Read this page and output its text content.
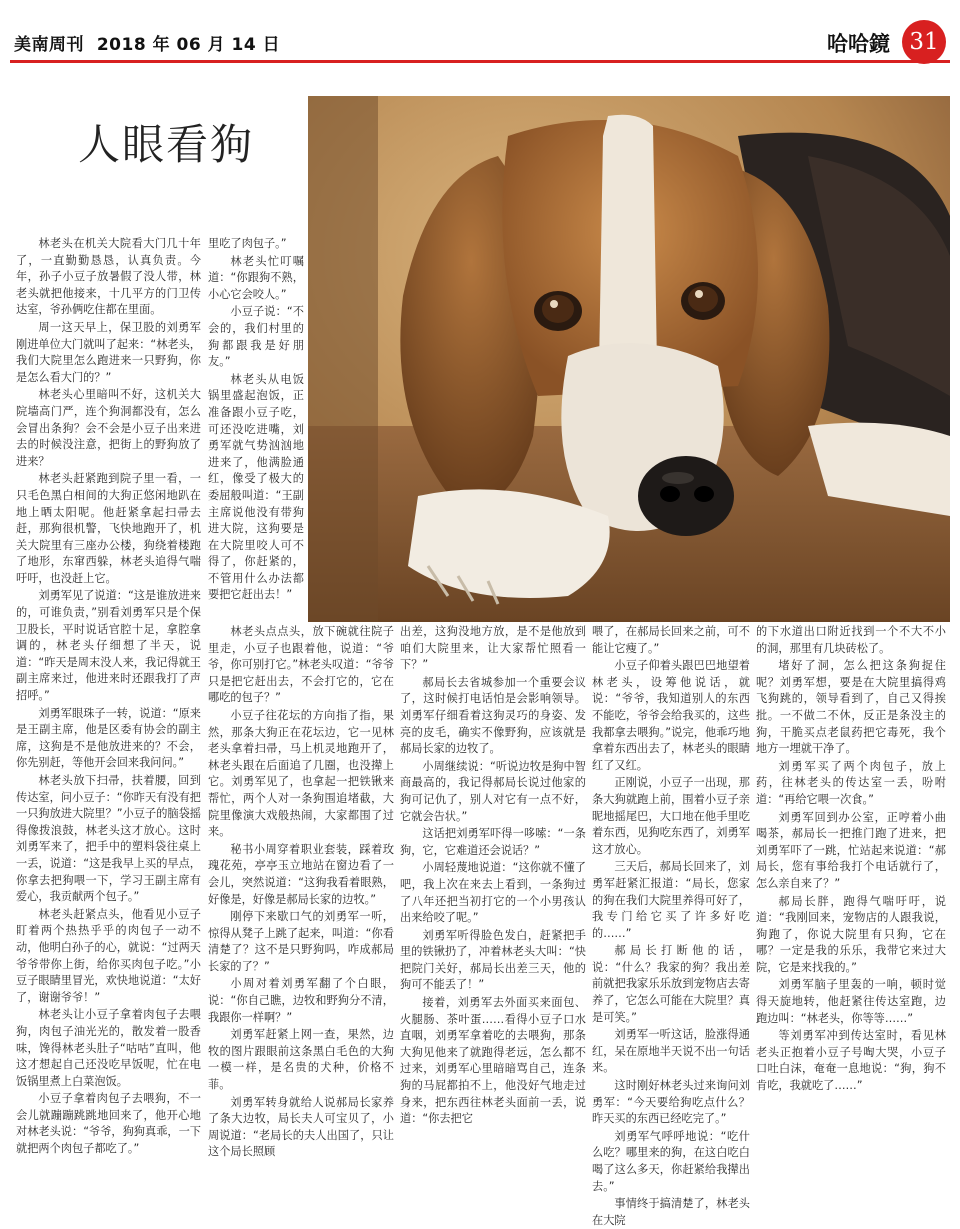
美南周刊 2018 年 06 月 14 日	哈哈鏡 31
人眼看狗

林老头在机关大院看大门几十年了，一直勤勤恳恳，认真负责。今年，孙子小豆子放暑假了没人带，林老头就把他接来，十几平方的门卫传达室，爷孙俩吃住都在里面。

周一这天早上，保卫股的刘勇军刚进单位大门就叫了起来：“林老头，我们大院里怎么跑进来一只野狗，你是怎么看大门的？”

林老头心里暗叫不好，这机关大院墙高门严，连个狗洞都没有，怎么会冒出条狗？会不会是小豆子出来进去的时候没注意，把街上的野狗放了进来？

林老头赶紧跑到院子里一看，一只毛色黑白相间的大狗正悠闲地趴在地上晒太阳呢。他赶紧拿起扫帚去赶，那狗很机警，飞快地跑开了，机关大院里有三座办公楼，狗绕着楼跑了地形，东窜西躲，林老头追得气喘吁吁，也没赶上它。

刘勇军见了说道：“这是谁放进来的，可谁负责，”别看刘勇军只是个保卫股长，平时说话官腔十足，拿腔拿调的，林老头仔细想了半天，说道：“昨天是周末没人来，我记得就王副主席来过，他进来时还跟我打了声招呼。”

刘勇军眼珠子一转，说道：“原来是王副主席，他是区委有协会的副主席，这狗是不是他放进来的？不会，你先别赶，等他开会回来我问问。”

林老头放下扫帚，扶着腰，回到传达室，问小豆子：“你昨天有没有把一只狗放进大院里？”小豆子的脑袋摇得像拨浪鼓，林老头这才放心。这时刘勇军来了，把手中的塑料袋往桌上一丢，说道：“这是我早上买的早点，你拿去把狗喂一下，学习王副主席有爱心，我贡献两个包子。”

林老头赶紧点头，他看见小豆子盯着两个热热乎乎的肉包子一动不动，他明白孙子的心，就说：“过两天爷爷带你上街，给你买肉包子吃。”小豆子眼睛里冒光，欢快地说道：“太好了，谢谢爷爷！”

林老头让小豆子拿着肉包子去喂狗，肉包子油光光的，散发着一股香味，馋得林老头肚子“咕咕”直叫，他这才想起自己还没吃早饭呢，忙在电饭锅里煮上白菜泡饭。

小豆子拿着肉包子去喂狗，不一会儿就蹦蹦跳跳地回来了，他开心地对林老头说：“爷爷，狗狗真乖，一下就把两个肉包子都吃了。”

里吃了肉包子。”

林老头忙叮嘱道：“你跟狗不熟，小心它会咬人。”

小豆子说：“不会的，我们村里的狗都跟我是好朋友。”

林老头从电饭锅里盛起泡饭，正准备跟小豆子吃，可还没吃进嘴，刘勇军就气势汹汹地进来了，他满脸通红，像受了极大的委屈般叫道：“王副主席说他没有带狗进大院，这狗要是在大院里咬人可不得了，你赶紧的，不管用什么办法都要把它赶出去！”

林老头点点头，放下碗就往院子里走，小豆子也跟着他，说道：“爷爷，你可别打它。”林老头叹道：“爷爷只是把它赶出去，不会打它的，它在哪吃的包子？”

小豆子往花坛的方向指了指，果然，那条大狗正在花坛边，它一见林老头拿着扫帚，马上机灵地跑开了，林老头跟在后面追了几圈，也没撵上它。刘勇军见了，也拿起一把铁锹来帮忙，两个人对一条狗围追堵截，大院里像演大戏般热闹，大家都围了过来。

秘书小周穿着职业套装，踩着玫瑰花苑，亭亭玉立地站在窗边看了一会儿，突然说道：“这狗我看着眼熟，好像是，好像是郝局长家的边牧。”

刚停下来歇口气的刘勇军一听，惊得从凳子上跳了起来，叫道：“你看清楚了？这不是只野狗吗，咋成郝局长家的了？”

小周对着刘勇军翻了个白眼，说：“你自己瞧，边牧和野狗分不清，我跟你一样啊？”

刘勇军赶紧上网一查，果然，边牧的图片跟眼前这条黑白毛色的大狗一模一样，是名贵的犬种，价格不菲。

刘勇军转身就给人说郝局长家养了条大边牧，局长夫人可宝贝了，小周说道：“老局长的夫人出国了，只让这个局长照顾

出差，这狗没地方放，是不是他放到咱们大院里来，让大家帮忙照看一下？”

郝局长去省城参加一个重要会议了，这时候打电话怕是会影响领导。刘勇军仔细看着这狗灵巧的身姿、发亮的皮毛，确实不像野狗，应该就是郝局长家的边牧了。

小周继续说：“听说边牧是狗中智商最高的，我记得郝局长说过他家的狗可记仇了，别人对它有一点不好，它就会告状。”

这话把刘勇军吓得一哆嗦：“一条狗，它，它难道还会说话？”

小周轻蔑地说道：“这你就不懂了吧，我上次在来去上看到，一条狗过了八年还把当初打它的一个小男孩认出来给咬了呢。”

刘勇军听得脸色发白，赶紧把手里的铁锹扔了，冲着林老头大叫：“快把院门关好，郝局长出差三天，他的狗可不能丢了！”

接着，刘勇军去外面买来面包、火腿肠、茶叶蛋……看得小豆子口水直咽，刘勇军拿着吃的去喂狗，那条大狗见他来了就跑得老远，怎么都不过来，刘勇军心里暗暗骂自己，连条狗的马屁都拍不上，他没好气地走过身来，把东西往林老头面前一丢，说道：“你去把它

喂了，在郝局长回来之前，可不能让它瘦了。”

小豆子仰着头跟巴巴地望着林老头，设筹他说话，就说：“爷爷，我知道别人的东西不能吃，爷爷会给我买的，这些我都拿去喂狗。”说完，他乖巧地拿着东西出去了，林老头的眼睛红了又红。

正刚说，小豆子一出现，那条大狗就跑上前，围着小豆子亲昵地摇尾巴，大口地在他手里吃着东西，见狗吃东西了，刘勇军这才放心。

三天后，郝局长回来了，刘勇军赶紧汇报道：“局长，您家的狗在我们大院里养得可好了，我专门给它买了许多好吃的……”

郝局长打断他的话，说：“什么？我家的狗？我出差前就把我家乐乐放到宠物店去寄养了，它怎么可能在大院里？真是可笑。”

刘勇军一听这话，脸涨得通红，呆在原地半天说不出一句话来。

这时刚好林老头过来询问刘勇军：“今天要给狗吃点什么？昨天买的东西已经吃完了。”

刘勇军气呼呼地说：“吃什么吃？哪里来的狗，在这白吃白喝了这么多天，你赶紧给我撵出去。”

事情终于搞清楚了，林老头在大院

的下水道出口附近找到一个不大不小的洞，那里有几块砖松了。

堵好了洞，怎么把这条狗捉住呢？刘勇军想，要是在大院里搞得鸡飞狗跳的，领导看到了，自己又得挨批。一不做二不休，反正是条没主的狗，干脆买点老鼠药把它毒死，我个地方一埋就干净了。

刘勇军买了两个肉包子，放上药，往林老头的传达室一丢，吩咐道：“再给它喂一次食。”

刘勇军回到办公室，正哼着小曲喝茶，郝局长一把推门跑了进来，把刘勇军吓了一跳，忙站起来说道：“郝局长，您有事给我打个电话就行了，怎么亲自来了？”

郝局长胖，跑得气喘吁吁，说道：“我刚回来，宠物店的人跟我说，狗跑了，你说大院里有只狗，它在哪？一定是我的乐乐，我带它来过大院，它是来找我的。”

刘勇军脑子里轰的一响，顿时觉得天旋地转，他赶紧往传达室跑，边跑边叫：“林老头，你等等……”

等刘勇军冲到传达室时，看见林老头正抱着小豆子号啕大哭，小豆子口吐白沫，奄奄一息地说：“狗，狗不肯吃，我就吃了……”
